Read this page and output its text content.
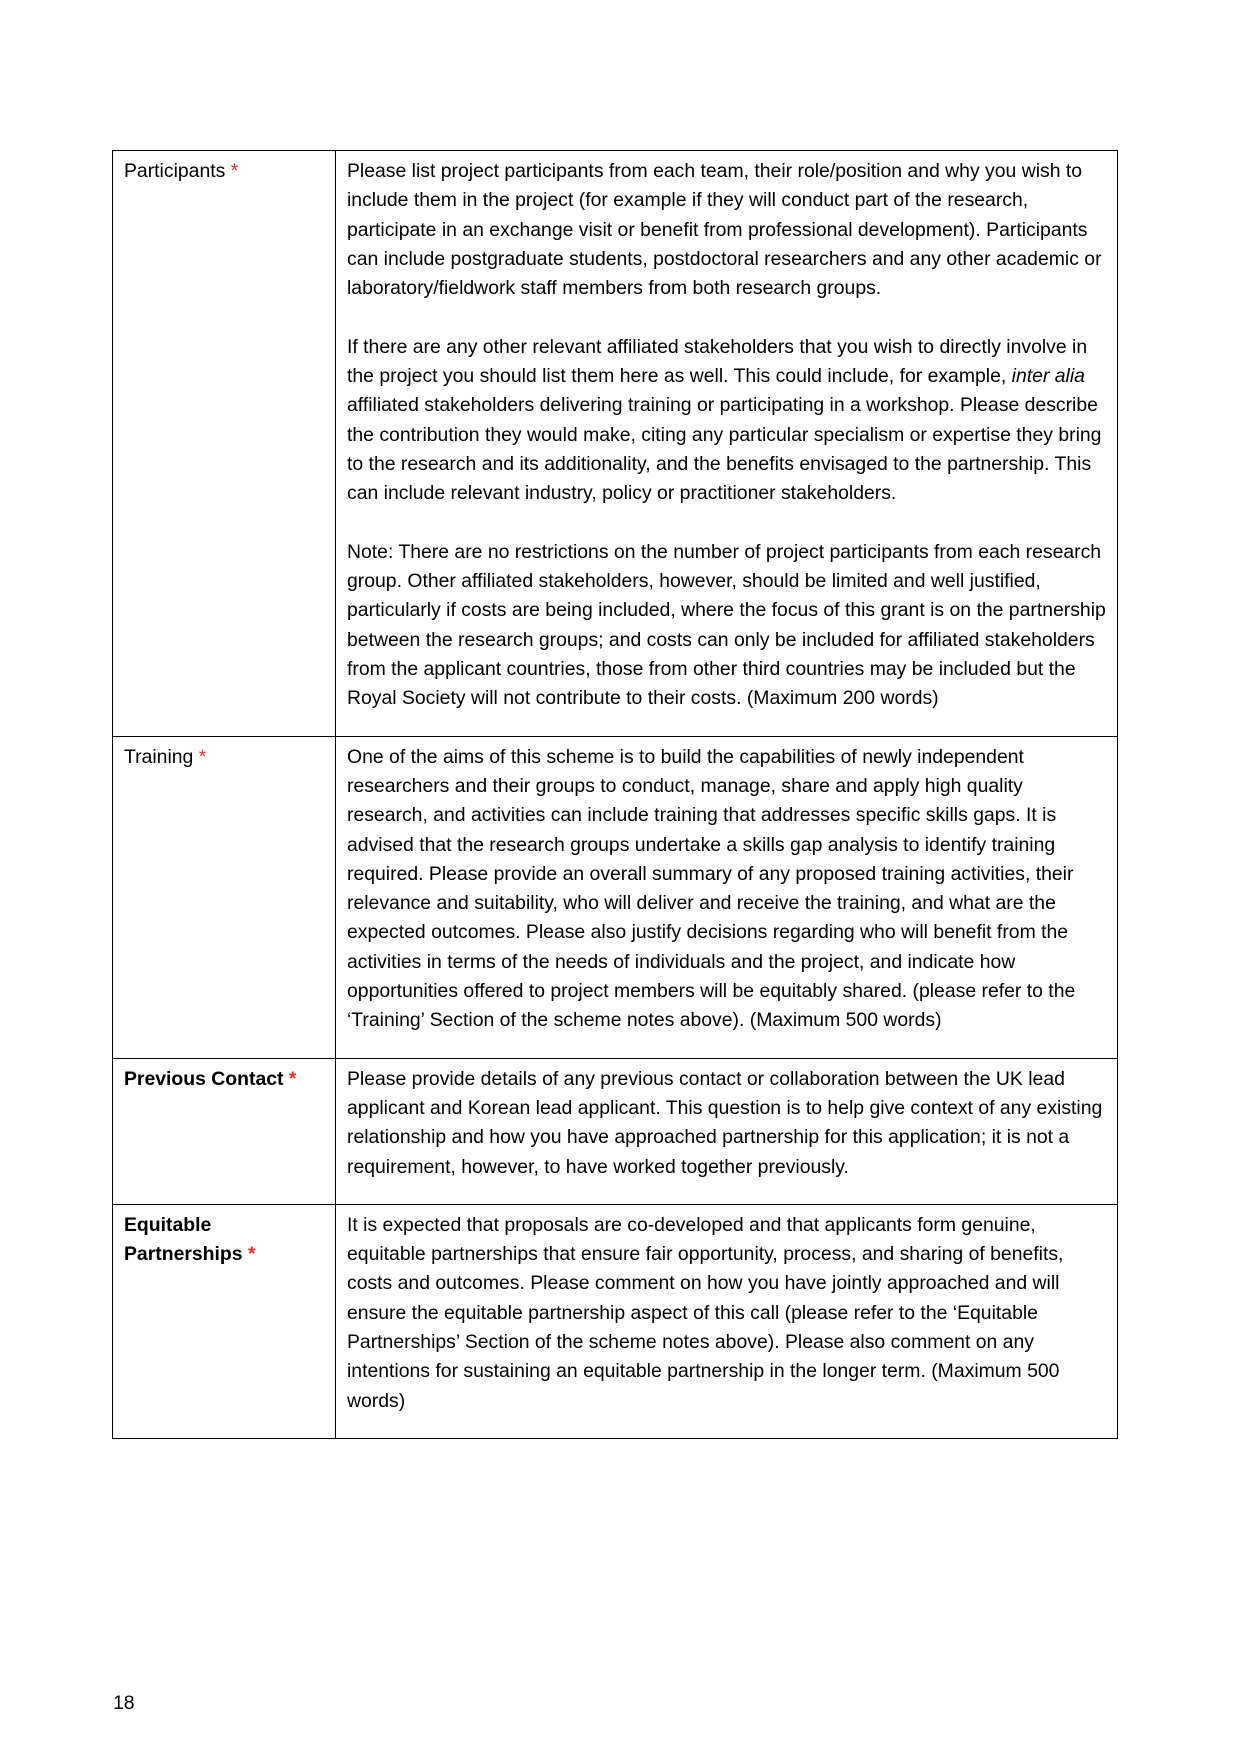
Participants *	Please list project participants from each team, their role/position and why you wish to include them in the project (for example if they will conduct part of the research, participate in an exchange visit or benefit from professional development). Participants can include postgraduate students, postdoctoral researchers and any other academic or laboratory/fieldwork staff members from both research groups.

If there are any other relevant affiliated stakeholders that you wish to directly involve in the project you should list them here as well. This could include, for example, inter alia affiliated stakeholders delivering training or participating in a workshop. Please describe the contribution they would make, citing any particular specialism or expertise they bring to the research and its additionality, and the benefits envisaged to the partnership. This can include relevant industry, policy or practitioner stakeholders.

Note: There are no restrictions on the number of project participants from each research group. Other affiliated stakeholders, however, should be limited and well justified, particularly if costs are being included, where the focus of this grant is on the partnership between the research groups; and costs can only be included for affiliated stakeholders from the applicant countries, those from other third countries may be included but the Royal Society will not contribute to their costs. (Maximum 200 words)

Training *	One of the aims of this scheme is to build the capabilities of newly independent researchers and their groups to conduct, manage, share and apply high quality research, and activities can include training that addresses specific skills gaps. It is advised that the research groups undertake a skills gap analysis to identify training required. Please provide an overall summary of any proposed training activities, their relevance and suitability, who will deliver and receive the training, and what are the expected outcomes. Please also justify decisions regarding who will benefit from the activities in terms of the needs of individuals and the project, and indicate how opportunities offered to project members will be equitably shared. (please refer to the ‘Training’ Section of the scheme notes above). (Maximum 500 words)

Previous Contact *	Please provide details of any previous contact or collaboration between the UK lead applicant and Korean lead applicant. This question is to help give context of any existing relationship and how you have approached partnership for this application; it is not a requirement, however, to have worked together previously.

Equitable Partnerships *	It is expected that proposals are co-developed and that applicants form genuine, equitable partnerships that ensure fair opportunity, process, and sharing of benefits, costs and outcomes. Please comment on how you have jointly approached and will ensure the equitable partnership aspect of this call (please refer to the ‘Equitable Partnerships’ Section of the scheme notes above). Please also comment on any intentions for sustaining an equitable partnership in the longer term. (Maximum 500 words)

18
